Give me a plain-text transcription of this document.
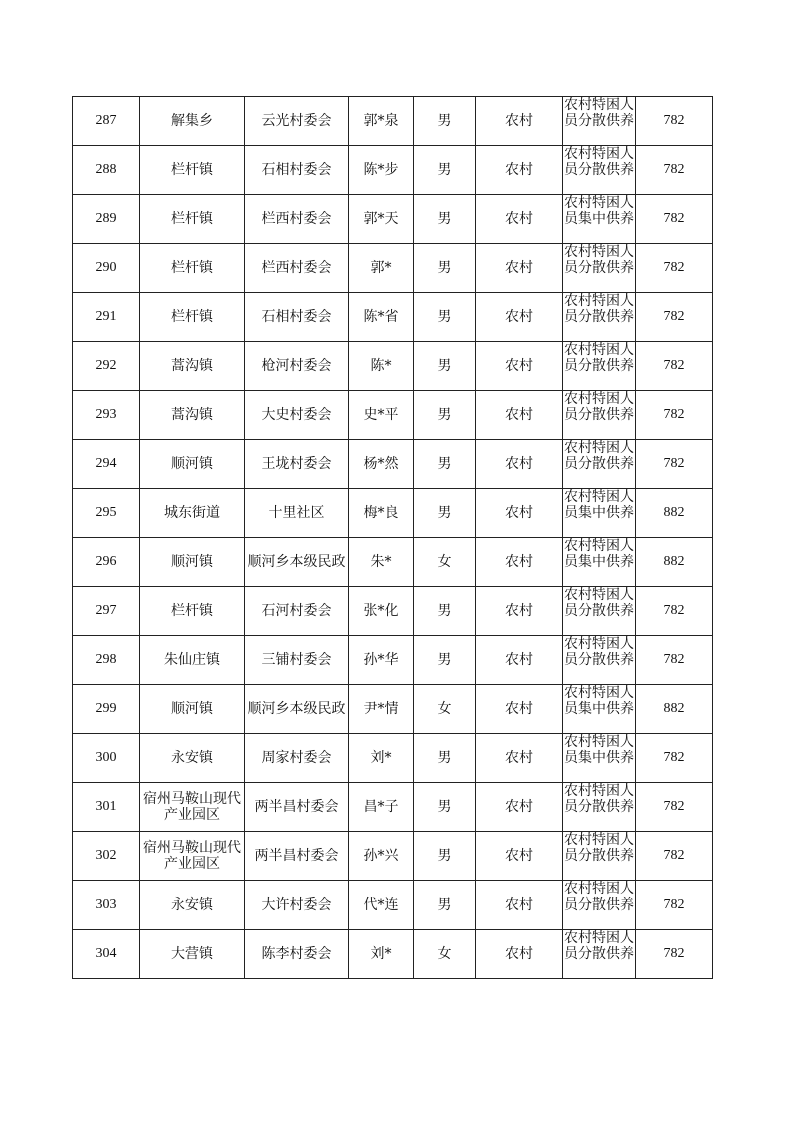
287	解集乡	云光村委会	郭*泉	男	农村	农村特困人员分散供养	782

288	栏杆镇	石相村委会	陈*步	男	农村	农村特困人员分散供养	782

289	栏杆镇	栏西村委会	郭*天	男	农村	农村特困人员集中供养	782

290	栏杆镇	栏西村委会	郭*	男	农村	农村特困人员分散供养	782

291	栏杆镇	石相村委会	陈*省	男	农村	农村特困人员分散供养	782

292	蒿沟镇	枪河村委会	陈*	男	农村	农村特困人员分散供养	782

293	蒿沟镇	大史村委会	史*平	男	农村	农村特困人员分散供养	782

294	顺河镇	王垅村委会	杨*然	男	农村	农村特困人员分散供养	782

295	城东街道	十里社区	梅*良	男	农村	农村特困人员集中供养	882

296	顺河镇	顺河乡本级民政	朱*	女	农村	农村特困人员集中供养	882

297	栏杆镇	石河村委会	张*化	男	农村	农村特困人员分散供养	782

298	朱仙庄镇	三铺村委会	孙*华	男	农村	农村特困人员分散供养	782

299	顺河镇	顺河乡本级民政	尹*情	女	农村	农村特困人员集中供养	882

300	永安镇	周家村委会	刘*	男	农村	农村特困人员集中供养	782

301	宿州马鞍山现代产业园区	两半昌村委会	昌*子	男	农村	农村特困人员分散供养	782

302	宿州马鞍山现代产业园区	两半昌村委会	孙*兴	男	农村	农村特困人员分散供养	782

303	永安镇	大许村委会	代*连	男	农村	农村特困人员分散供养	782

304	大营镇	陈李村委会	刘*	女	农村	农村特困人员分散供养	782
